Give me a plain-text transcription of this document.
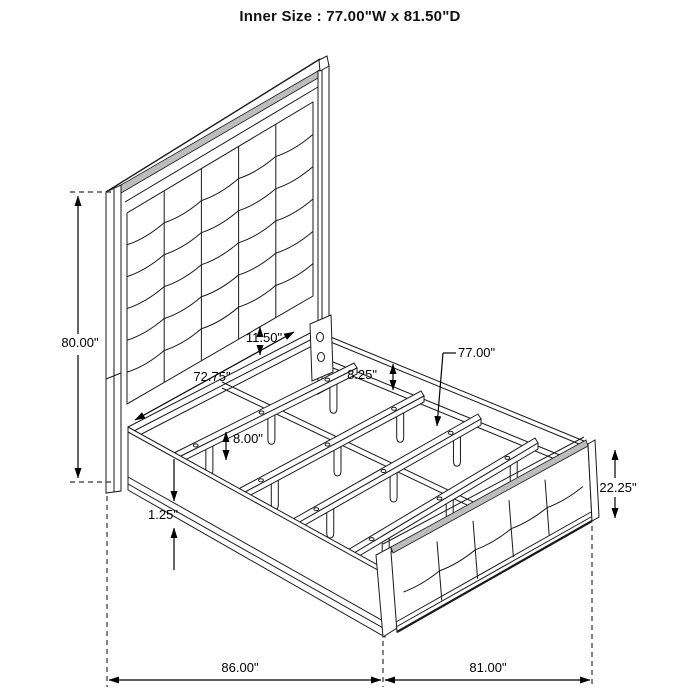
Inner Size : 77.00"W x 81.50"D
80.00"	11.50"
72.75"	8.25"
77.00"
8.00"
1.25"
22.25"
86.00"	81.00"
